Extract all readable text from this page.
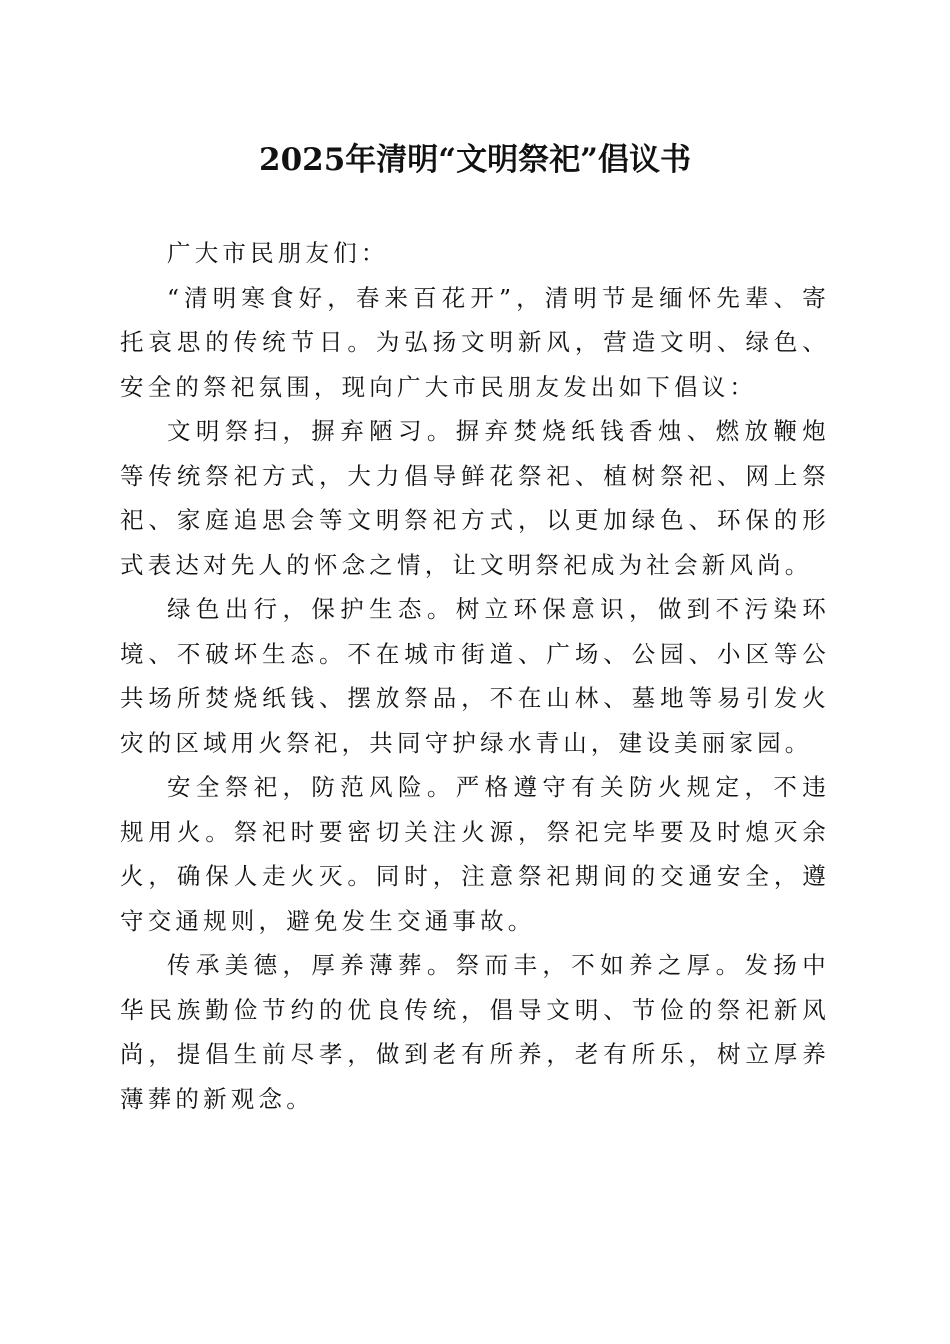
2025年清明“文明祭祀”倡议书

广大市民朋友们：

“清明寒食好，春来百花开”，清明节是缅怀先辈、寄托哀思的传统节日。为弘扬文明新风，营造文明、绿色、安全的祭祀氛围，现向广大市民朋友发出如下倡议：

文明祭扫，摒弃陋习。摒弃焚烧纸钱香烛、燃放鞭炮等传统祭祀方式，大力倡导鲜花祭祀、植树祭祀、网上祭祀、家庭追思会等文明祭祀方式，以更加绿色、环保的形式表达对先人的怀念之情，让文明祭祀成为社会新风尚。

绿色出行，保护生态。树立环保意识，做到不污染环境、不破坏生态。不在城市街道、广场、公园、小区等公共场所焚烧纸钱、摆放祭品，不在山林、墓地等易引发火灾的区域用火祭祀，共同守护绿水青山，建设美丽家园。

安全祭祀，防范风险。严格遵守有关防火规定，不违规用火。祭祀时要密切关注火源，祭祀完毕要及时熄灭余火，确保人走火灭。同时，注意祭祀期间的交通安全，遵守交通规则，避免发生交通事故。

传承美德，厚养薄葬。祭而丰，不如养之厚。发扬中华民族勤俭节约的优良传统，倡导文明、节俭的祭祀新风尚，提倡生前尽孝，做到老有所养，老有所乐，树立厚养薄葬的新观念。
